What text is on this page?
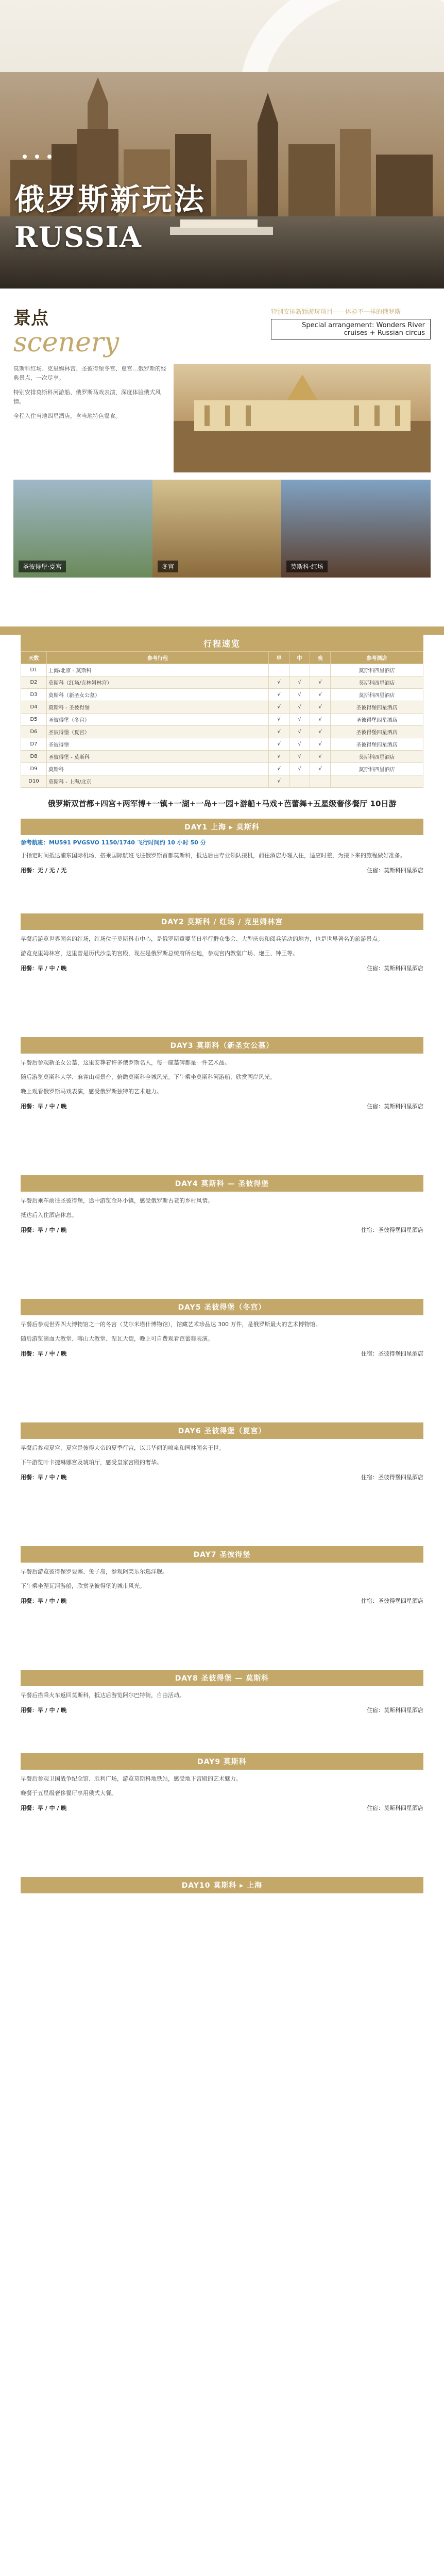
俄罗斯新玩法
RUSSIA
景点
scenery
特别安排新颖游玩项目——体验不一样的俄罗斯
Special arrangement: Wonders River cruises + Russian circus

莫斯科红场、克里姆林宫、圣彼得堡冬宫、夏宫…俄罗斯的经典景点，一次尽享。

特别安排莫斯科河游船、俄罗斯马戏表演，深度体验俄式风情。

全程入住当地四星酒店，含当地特色餐食。

圣彼得堡·夏宫	冬宫	莫斯科·红场
行程速览
天数	参考行程	早	中	晚	参考酒店
D1	上海/北京 - 莫斯科				莫斯科四星酒店
D2	莫斯科（红场/克林姆林宫）	√	√	√	莫斯科四星酒店
D3	莫斯科（新圣女公墓）	√	√	√	莫斯科四星酒店
D4	莫斯科 - 圣彼得堡	√	√	√	圣彼得堡四星酒店
D5	圣彼得堡（冬宫）	√	√	√	圣彼得堡四星酒店
D6	圣彼得堡（夏宫）	√	√	√	圣彼得堡四星酒店
D7	圣彼得堡	√	√	√	圣彼得堡四星酒店
D8	圣彼得堡 - 莫斯科	√	√	√	莫斯科四星酒店
D9	莫斯科	√	√	√	莫斯科四星酒店
D10	莫斯科 - 上海/北京	√			
俄罗斯双首都+四宫+两军博+一镇+一湖+一岛+一园+游船+马戏+芭蕾舞+五星级奢侈餐厅 10日游
DAY1 上海 ▸ 莫斯科
参考航班：MU591 PVGSVO 1150/1740 飞行时间约 10 小时 50 分
于指定时间抵达浦东国际机场，搭乘国际航班飞往俄罗斯首都莫斯科，抵达后由专业领队接机，前往酒店办理入住，适应时差，为接下来的旅程做好准备。
用餐：无 / 无 / 无	住宿：莫斯科四星酒店
DAY2 莫斯科 / 红场 / 克里姆林宫
早餐后游览世界闻名的红场，红场位于莫斯科市中心，是俄罗斯重要节日举行群众集会、大型庆典和阅兵活动的地方，也是世界著名的旅游景点。
游览克里姆林宫，这里曾是历代沙皇的宫殿，现在是俄罗斯总统府所在地，参观宫内教堂广场、炮王、钟王等。
用餐：早 / 中 / 晚	住宿：莫斯科四星酒店
DAY3 莫斯科（新圣女公墓）
早餐后参观新圣女公墓，这里安葬着许多俄罗斯名人，每一座墓碑都是一件艺术品。
随后游览莫斯科大学、麻雀山观景台，俯瞰莫斯科全城风光。下午乘坐莫斯科河游船，欣赏两岸风光。
晚上观看俄罗斯马戏表演，感受俄罗斯独特的艺术魅力。
用餐：早 / 中 / 晚	住宿：莫斯科四星酒店
DAY4 莫斯科 — 圣彼得堡
早餐后乘车前往圣彼得堡，途中游览金环小镇，感受俄罗斯古老的乡村风情。
抵达后入住酒店休息。
用餐：早 / 中 / 晚	住宿：圣彼得堡四星酒店
DAY5 圣彼得堡（冬宫）
早餐后参观世界四大博物馆之一的冬宫（艾尔米塔什博物馆），馆藏艺术珍品达 300 万件，是俄罗斯最大的艺术博物馆。
随后游览滴血大教堂、喀山大教堂、涅瓦大街，晚上可自费观看芭蕾舞表演。
用餐：早 / 中 / 晚	住宿：圣彼得堡四星酒店
DAY6 圣彼得堡（夏宫）
早餐后参观夏宫，夏宫是彼得大帝的夏季行宫，以其华丽的喷泉和园林闻名于世。
下午游览叶卡捷琳娜宫及琥珀厅，感受皇家宫殿的奢华。
用餐：早 / 中 / 晚	住宿：圣彼得堡四星酒店
DAY7 圣彼得堡
早餐后游览彼得保罗要塞、兔子岛，参观阿芙乐尔巡洋舰。
下午乘坐涅瓦河游船，欣赏圣彼得堡的城市风光。
用餐：早 / 中 / 晚	住宿：圣彼得堡四星酒店
DAY8 圣彼得堡 — 莫斯科
早餐后搭乘火车返回莫斯科，抵达后游览阿尔巴特街，自由活动。
用餐：早 / 中 / 晚	住宿：莫斯科四星酒店
DAY9 莫斯科
早餐后参观卫国战争纪念馆、胜利广场，游览莫斯科地铁站，感受地下宫殿的艺术魅力。
晚餐于五星级奢侈餐厅享用俄式大餐。
用餐：早 / 中 / 晚	住宿：莫斯科四星酒店
DAY10 莫斯科 ▸ 上海
